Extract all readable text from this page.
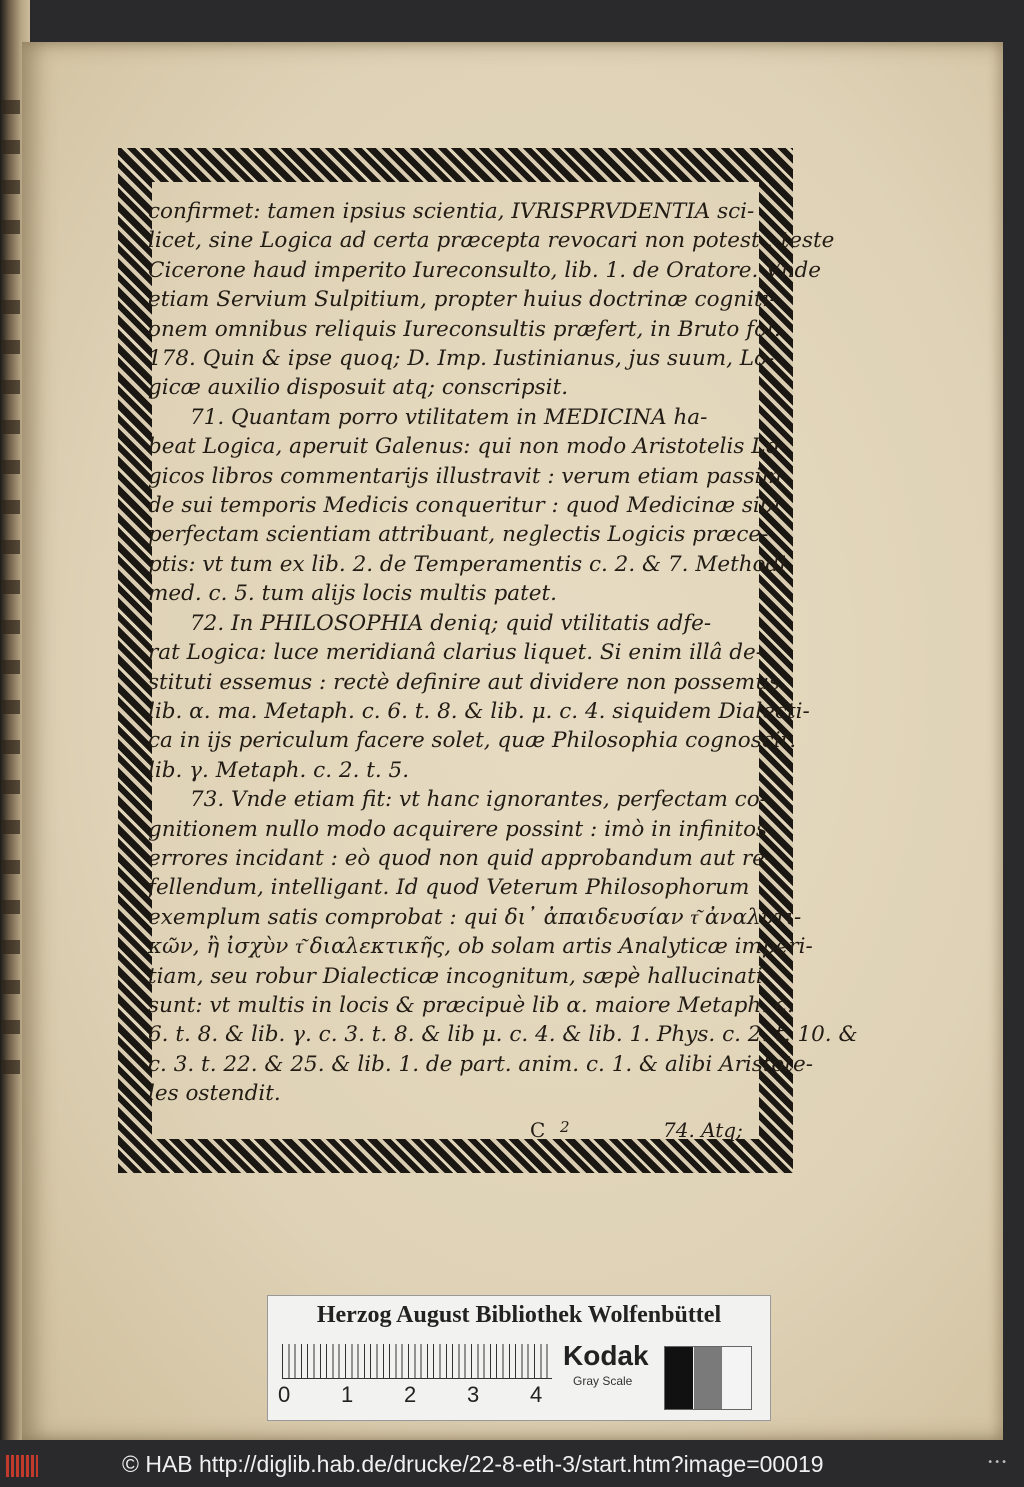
confirmet: tamen ipsius scientia, IVRISPRVDENTIA sci-
licet, sine Logica ad certa præcepta revocari non potest : teste
Cicerone haud imperito Iureconsulto, lib. 1. de Oratore. Vnde
etiam Servium Sulpitium, propter huius doctrinæ cogniti-
onem omnibus reliquis Iureconsultis præfert, in Bruto fol.
178. Quin & ipse quoq; D. Imp. Iustinianus, jus suum, Lo-
gicæ auxilio disposuit atq; conscripsit.
71. Quantam porro vtilitatem in MEDICINA ha-
beat Logica, aperuit Galenus: qui non modo Aristotelis Lo-
gicos libros commentarijs illustravit : verum etiam passim
de sui temporis Medicis conqueritur : quod Medicinæ sibi
perfectam scientiam attribuant, neglectis Logicis præce-
ptis: vt tum ex lib. 2. de Temperamentis c. 2. & 7. Methodi
med. c. 5. tum alijs locis multis patet.
72. In PHILOSOPHIA deniq; quid vtilitatis adfe-
rat Logica: luce meridianâ clarius liquet. Si enim illâ de-
stituti essemus : rectè definire aut dividere non possemus.
lib. α. ma. Metaph. c. 6. t. 8. & lib. μ. c. 4. siquidem Dialecti-
ca in ijs periculum facere solet, quæ Philosophia cognoscit.
lib. γ. Metaph. c. 2. t. 5.
73. Vnde etiam fit: vt hanc ignorantes, perfectam co-
gnitionem nullo modo acquirere possint : imò in infinitos
errores incidant : eò quod non quid approbandum aut re-
fellendum, intelligant. Id quod Veterum Philosophorum
exemplum satis comprobat : qui δι᾽ ἀπαιδευσίαν τ͂ ἀναλυτι-
κῶν, ἢ ἰσχὺν τ͂ διαλεκτικῆς, ob solam artis Analyticæ imperi-
tiam, seu robur Dialecticæ incognitum, sæpè hallucinati
sunt: vt multis in locis & præcipuè lib α. maiore Metaph. c.
6. t. 8. & lib. γ. c. 3. t. 8. & lib μ. c. 4. & lib. 1. Phys. c. 2. t. 10. &
c. 3. t. 22. & 25. & lib. 1. de part. anim. c. 1. & alibi Aristote-
les ostendit.
C 2	74. Atq;
Herzog August Bibliothek Wolfenbüttel
0 1 2 3 4
Kodak
Gray Scale
© HAB http://diglib.hab.de/drucke/22-8-eth-3/start.htm?image=00019	•••
